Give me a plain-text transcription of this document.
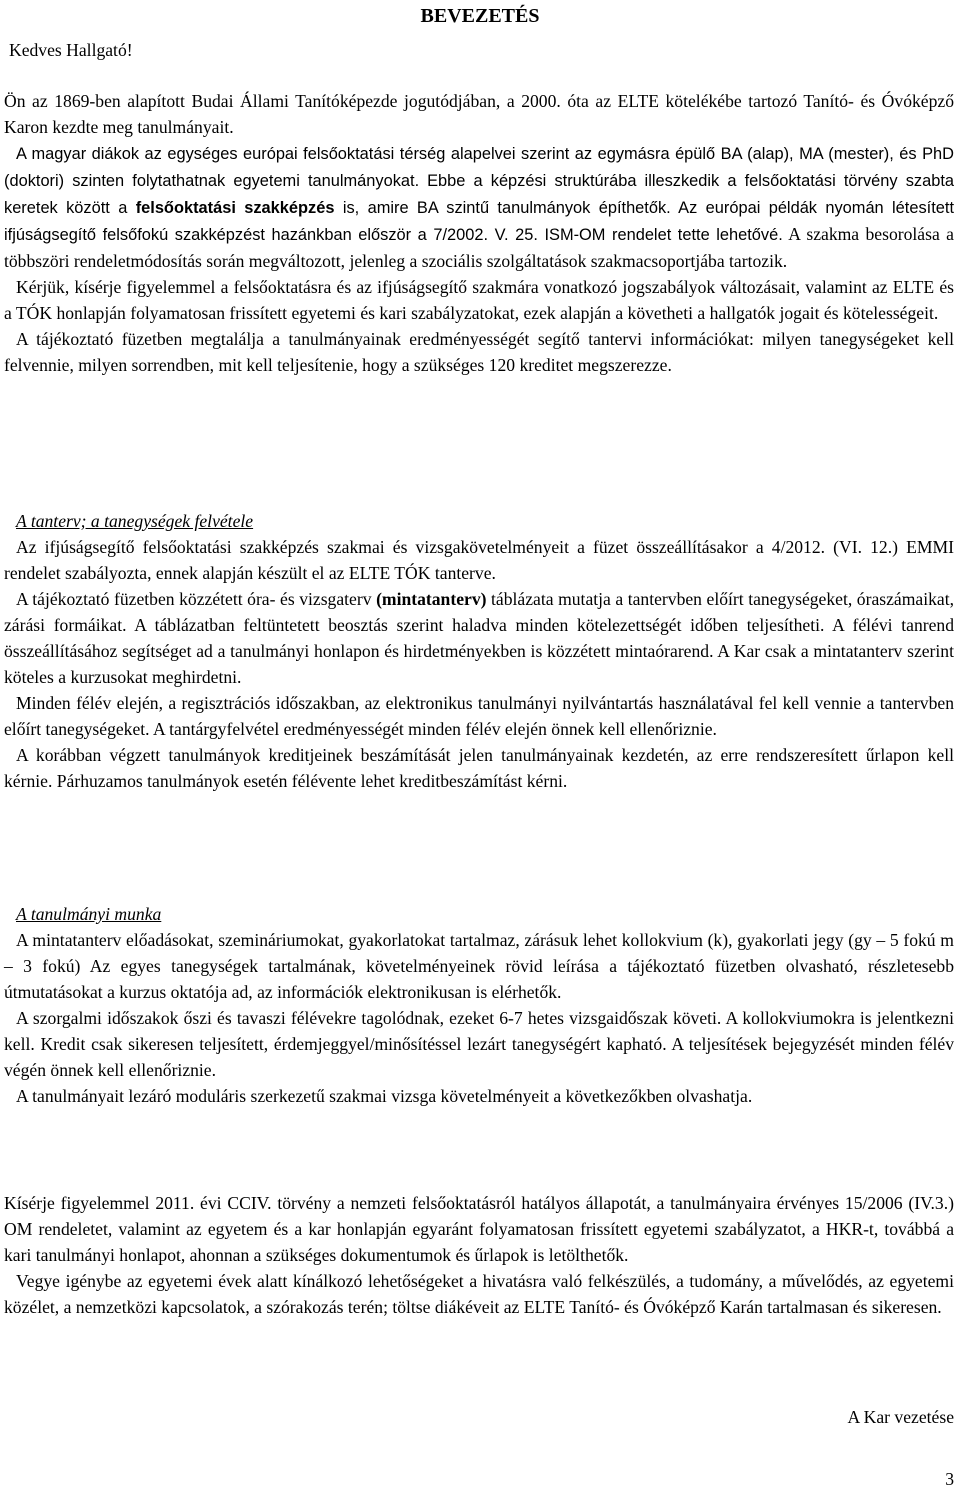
BEVEZETÉS
Kedves Hallgató!

Ön az 1869-ben alapított Budai Állami Tanítóképezde jogutódjában, a 2000. óta az ELTE kötelékébe tartozó Tanító- és Óvóképző Karon kezdte meg tanulmányait.

A magyar diákok az egységes európai felsőoktatási térség alapelvei szerint az egymásra épülő BA (alap), MA (mester), és PhD (doktori) szinten folytathatnak egyetemi tanulmányokat. Ebbe a képzési struktúrába illeszkedik a felsőoktatási törvény szabta keretek között a felsőoktatási szakképzés is, amire BA szintű tanulmányok építhetők. Az európai példák nyomán létesített ifjúságsegítő felsőfokú szakképzést hazánkban először a 7/2002. V. 25. ISM-OM rendelet tette lehetővé. A szakma besorolása a többszöri rendeletmódosítás során megváltozott, jelenleg a szociális szolgáltatások szakmacsoportjába tartozik.

Kérjük, kísérje figyelemmel a felsőoktatásra és az ifjúságsegítő szakmára vonatkozó jogszabályok változásait, valamint az ELTE és a TÓK honlapján folyamatosan frissített egyetemi és kari szabályzatokat, ezek alapján a követheti a hallgatók jogait és kötelességeit.

A tájékoztató füzetben megtalálja a tanulmányainak eredményességét segítő tantervi információkat: milyen tanegységeket kell felvennie, milyen sorrendben, mit kell teljesítenie, hogy a szükséges 120 kreditet megszerezze.

A tanterv; a tanegységek felvétele

Az ifjúságsegítő felsőoktatási szakképzés szakmai és vizsgakövetelményeit a füzet összeállításakor a 4/2012. (VI. 12.) EMMI rendelet szabályozta, ennek alapján készült el az ELTE TÓK tanterve.

A tájékoztató füzetben közzétett óra- és vizsgaterv (mintatanterv) táblázata mutatja a tantervben előírt tanegységeket, óraszámaikat, zárási formáikat. A táblázatban feltüntetett beosztás szerint haladva minden kötelezettségét időben teljesítheti. A félévi tanrend összeállításához segítséget ad a tanulmányi honlapon és hirdetményekben is közzétett mintaórarend. A Kar csak a mintatanterv szerint köteles a kurzusokat meghirdetni.

Minden félév elején, a regisztrációs időszakban, az elektronikus tanulmányi nyilvántartás használatával fel kell vennie a tantervben előírt tanegységeket. A tantárgyfelvétel eredményességét minden félév elején önnek kell ellenőriznie.

A korábban végzett tanulmányok kreditjeinek beszámítását jelen tanulmányainak kezdetén, az erre rendszeresített űrlapon kell kérnie. Párhuzamos tanulmányok esetén félévente lehet kreditbeszámítást kérni.

A tanulmányi munka

A mintatanterv előadásokat, szemináriumokat, gyakorlatokat tartalmaz, zárásuk lehet kollokvium (k), gyakorlati jegy (gy – 5 fokú m – 3 fokú) Az egyes tanegységek tartalmának, követelményeinek rövid leírása a tájékoztató füzetben olvasható, részletesebb útmutatásokat a kurzus oktatója ad, az információk elektronikusan is elérhetők.

A szorgalmi időszakok őszi és tavaszi félévekre tagolódnak, ezeket 6-7 hetes vizsgaidőszak követi. A kollokviumokra is jelentkezni kell. Kredit csak sikeresen teljesített, érdemjeggyel/minősítéssel lezárt tanegységért kapható. A teljesítések bejegyzését minden félév végén önnek kell ellenőriznie.

A tanulmányait lezáró moduláris szerkezetű szakmai vizsga követelményeit a következőkben olvashatja.

Kísérje figyelemmel 2011. évi CCIV. törvény a nemzeti felsőoktatásról hatályos állapotát, a tanulmányaira érvényes 15/2006 (IV.3.) OM rendeletet, valamint az egyetem és a kar honlapján egyaránt folyamatosan frissített egyetemi szabályzatot, a HKR-t, továbbá a kari tanulmányi honlapot, ahonnan a szükséges dokumentumok és űrlapok is letölthetők.

Vegye igénybe az egyetemi évek alatt kínálkozó lehetőségeket a hivatásra való felkészülés, a tudomány, a művelődés, az egyetemi közélet, a nemzetközi kapcsolatok, a szórakozás terén; töltse diákéveit az ELTE Tanító- és Óvóképző Karán tartalmasan és sikeresen.

A Kar vezetése
3
